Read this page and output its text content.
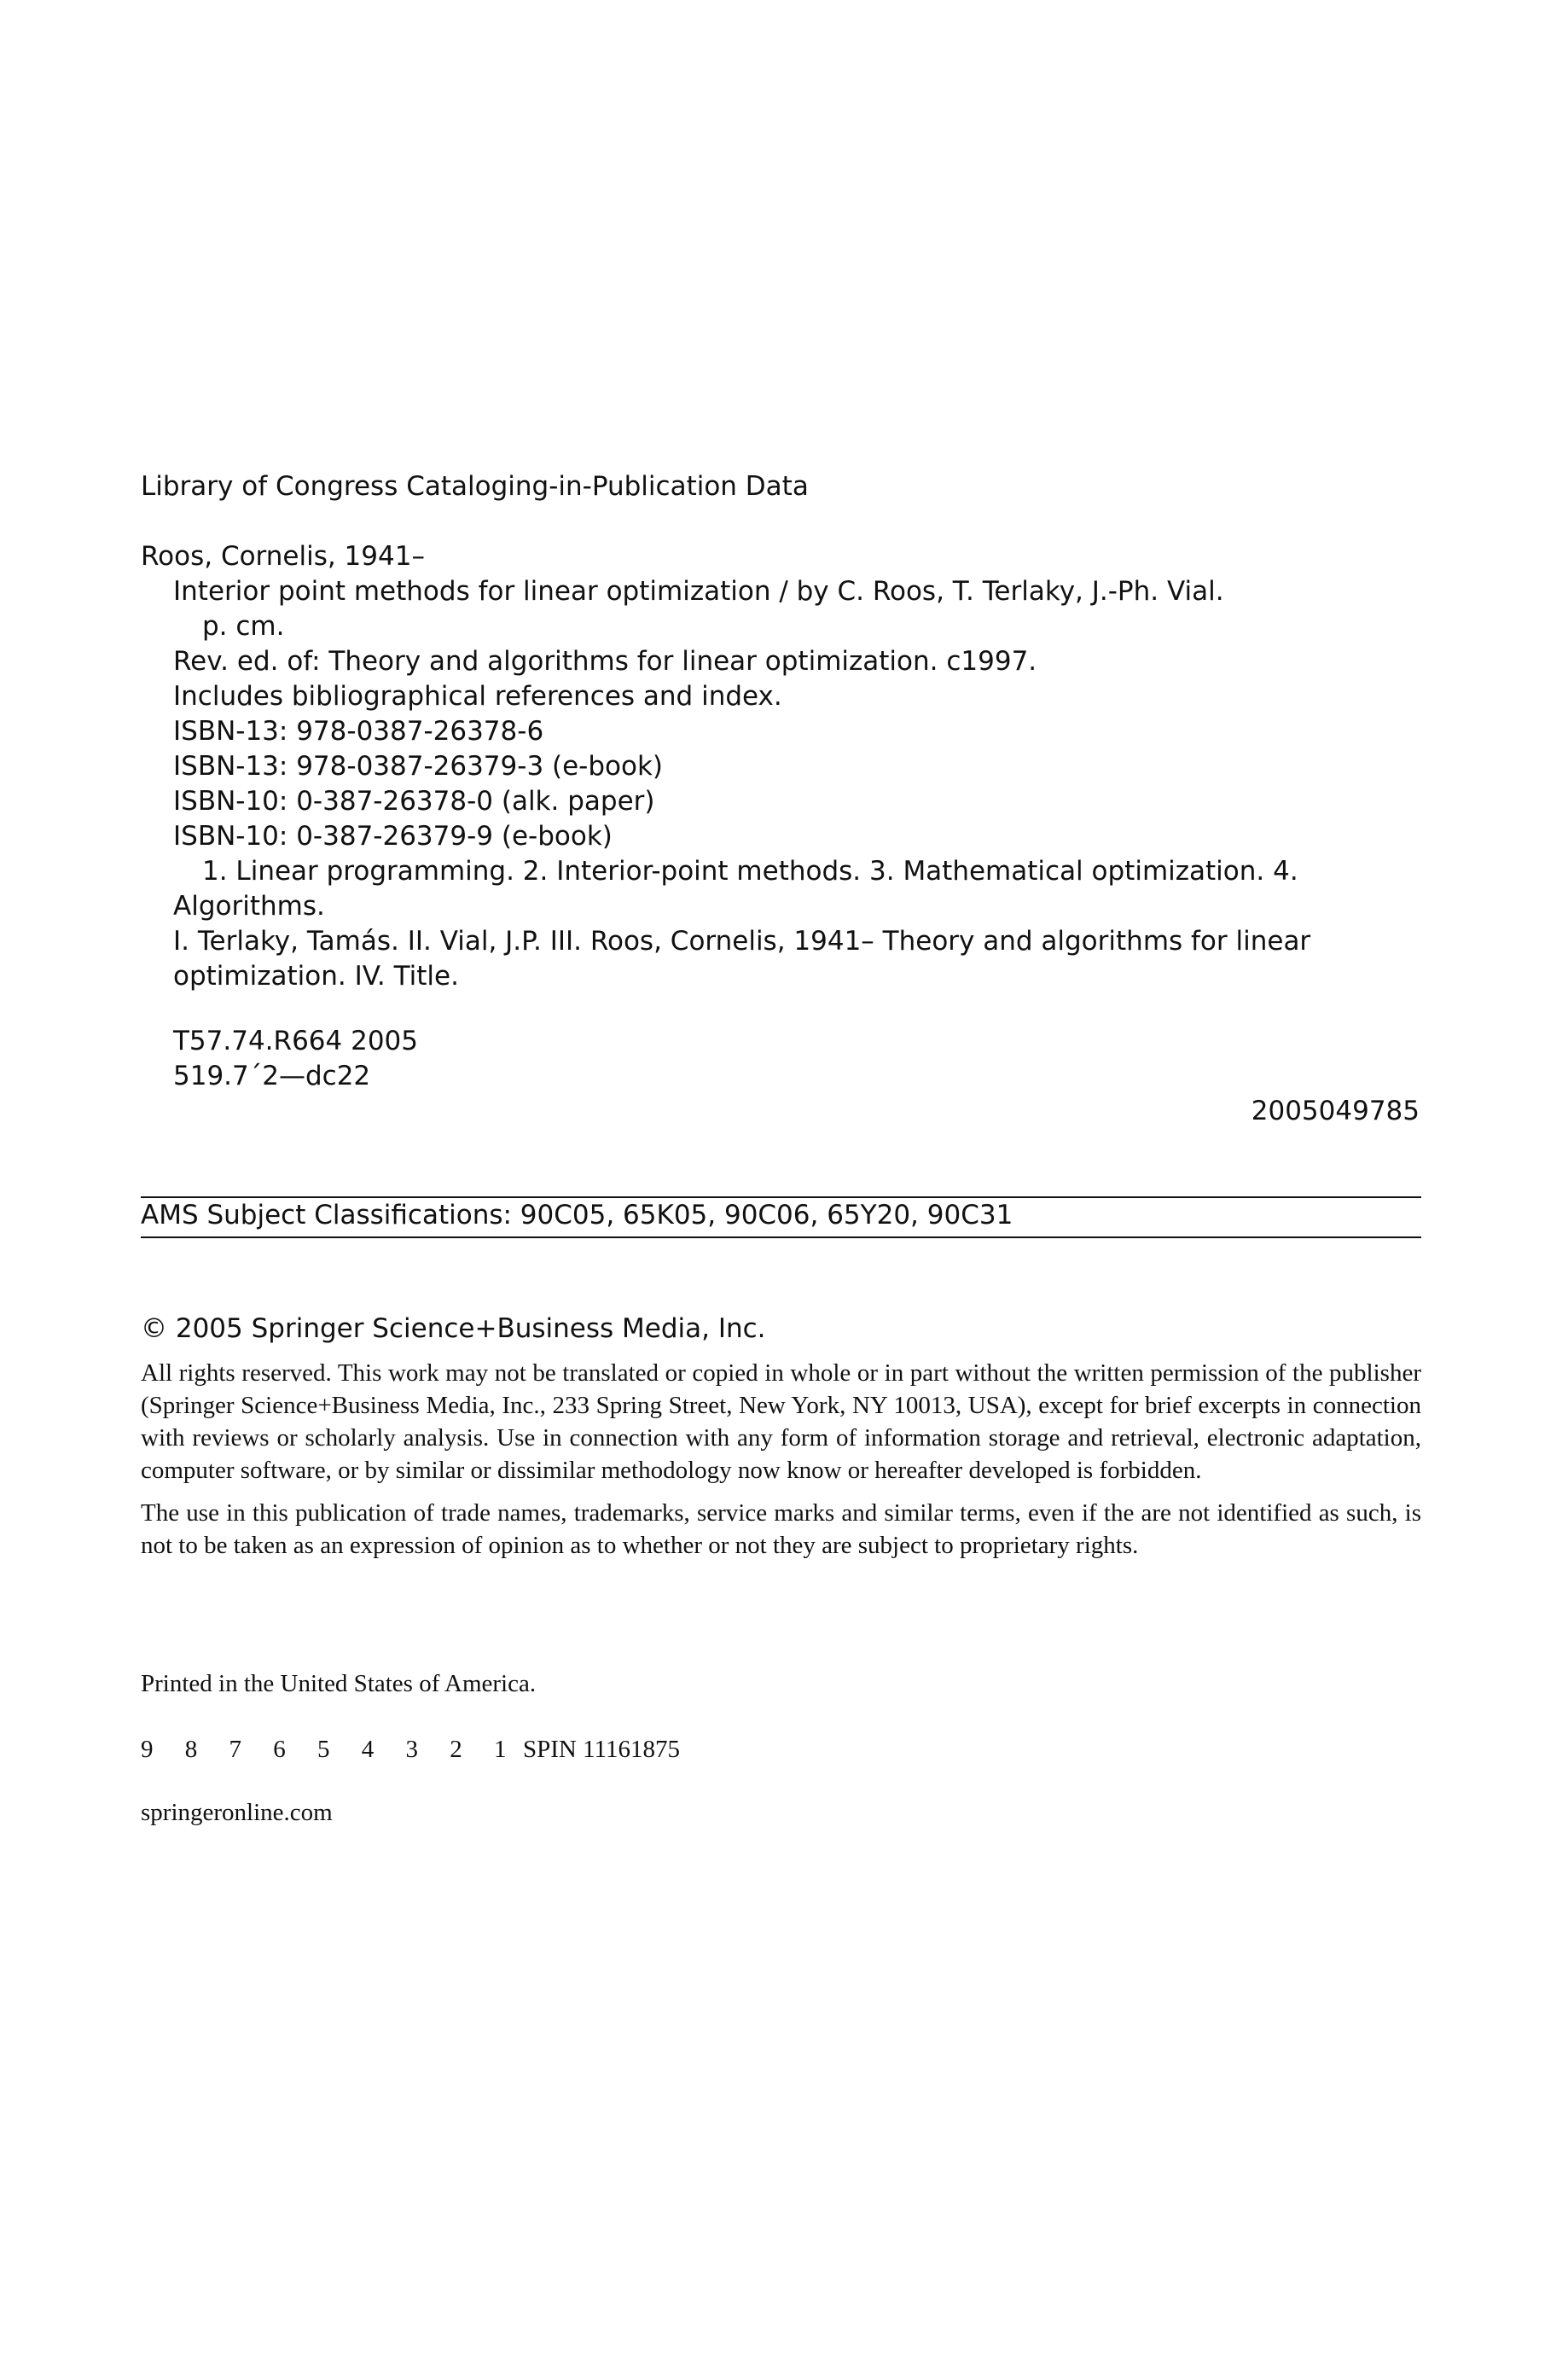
Library of Congress Cataloging-in-Publication Data
Roos, Cornelis, 1941–
Interior point methods for linear optimization / by C. Roos, T. Terlaky, J.-Ph. Vial.
p. cm.
Rev. ed. of: Theory and algorithms for linear optimization. c1997.
Includes bibliographical references and index.
ISBN-13: 978-0387-26378-6
ISBN-13: 978-0387-26379-3 (e-book)
ISBN-10: 0-387-26378-0 (alk. paper)
ISBN-10: 0-387-26379-9 (e-book)
1. Linear programming. 2. Interior-point methods. 3. Mathematical optimization. 4.
Algorithms.
I. Terlaky, Tamás. II. Vial, J.P. III. Roos, Cornelis, 1941– Theory and algorithms for linear
optimization. IV. Title.
T57.74.R664 2005
519.7´2—dc22
2005049785
AMS Subject Classifications: 90C05, 65K05, 90C06, 65Y20, 90C31
© 2005 Springer Science+Business Media, Inc.

All rights reserved. This work may not be translated or copied in whole or in part without the written permission of the publisher (Springer Science+Business Media, Inc., 233 Spring Street, New York, NY 10013, USA), except for brief excerpts in connection with reviews or scholarly analysis. Use in connection with any form of information storage and retrieval, electronic adaptation, computer software, or by similar or dissimilar methodology now know or hereafter developed is forbidden.

The use in this publication of trade names, trademarks, service marks and similar terms, even if the are not identified as such, is not to be taken as an expression of opinion as to whether or not they are subject to proprietary rights.

Printed in the United States of America.
9 8 7 6 5 4 3 2 1 SPIN 11161875
springeronline.com
